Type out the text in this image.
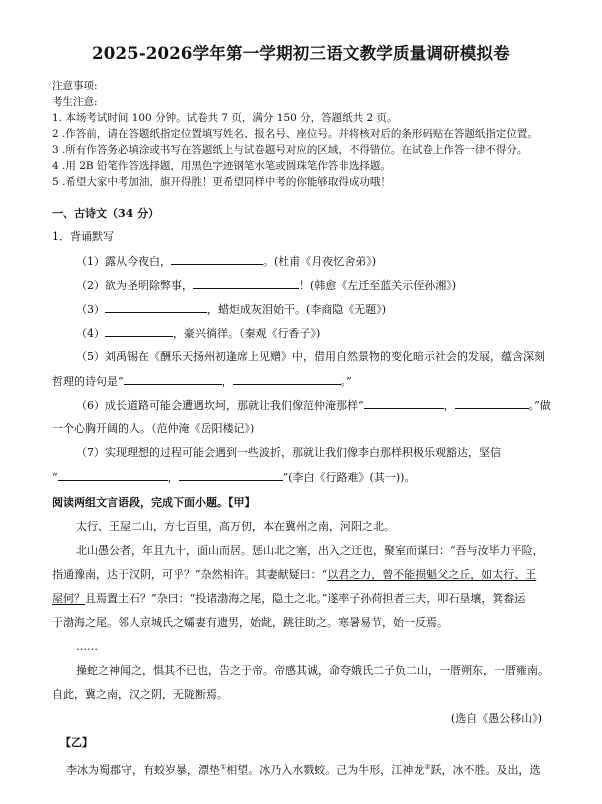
2025-2026学年第一学期初三语文教学质量调研模拟卷
注意事项:
考生注意:
1. 本场考试时间 100 分钟。试卷共 7 页，满分 150 分，答题纸共 2 页。
2 .作答前，请在答题纸指定位置填写姓名、报名号、座位号。并将核对后的条形码贴在答题纸指定位置。
3 .所有作答务必填涂或书写在答题纸上与试卷题号对应的区域，不得错位。在试卷上作答一律不得分。
4 .用 2B 铅笔作答选择题，用黑色字迹钢笔水笔或圆珠笔作答非选择题。
5 .希望大家中考加油，旗开得胜！更希望同样中考的你能够取得成功哦！
一、古诗文（34 分）
1．背诵默写
（1）露从今夜白，	。(杜甫《月夜忆舍弟》)
（2）欲为圣明除弊事，	！(韩愈《左迁至蓝关示侄孙湘》)
（3）	，蜡炬成灰泪始干。(李商隐《无题》)
（4）	，豪兴徜徉。（秦观《行香子》)
（5）刘禹锡在《酬乐天扬州初逢席上见赠》中，借用自然景物的变化暗示社会的发展，蕴含深刻
哲理的诗句是“	，	。”
（6）成长道路可能会遭遇坎坷，那就让我们像范仲淹那样“	，	。”做
一个心胸开阔的人。（范仲淹《岳阳楼记》)
（7）实现理想的过程可能会遇到一些波折，那就让我们像李白那样积极乐观豁达，坚信
“	，	”(李白《行路难》(其一))。
阅读两组文言语段，完成下面小题。【甲】
太行、王屋二山，方七百里，高万仞，本在冀州之南，河阳之北。
北山愚公者，年且九十，面山而居。惩山北之塞，出入之迂也，聚室而谋曰：“吾与汝毕力平险，
指通豫南，达于汉阴，可乎？”杂然相许。其妻献疑曰：“以君之力，曾不能损魁父之丘，如太行、王
屋何？且焉置土石？”杂曰：“投诸渤海之尾，隐土之北。”遂率子孙荷担者三夫，叩石垦壤，箕畚运
于渤海之尾。邻人京城氏之孀妻有遗男，始龀，跳往助之。寒暑易节，始一反焉。
……
操蛇之神闻之，惧其不已也，告之于帝。帝感其诚，命夸娥氏二子负二山，一厝朔东，一厝雍南。
自此，冀之南，汉之阴，无陇断焉。
(选自《愚公移山》)
【乙】
李冰为蜀郡守，有蛟岁暴，漂垫①相望。冰乃入水戮蛟。己为牛形，江神龙②跃，冰不胜。及出，选
